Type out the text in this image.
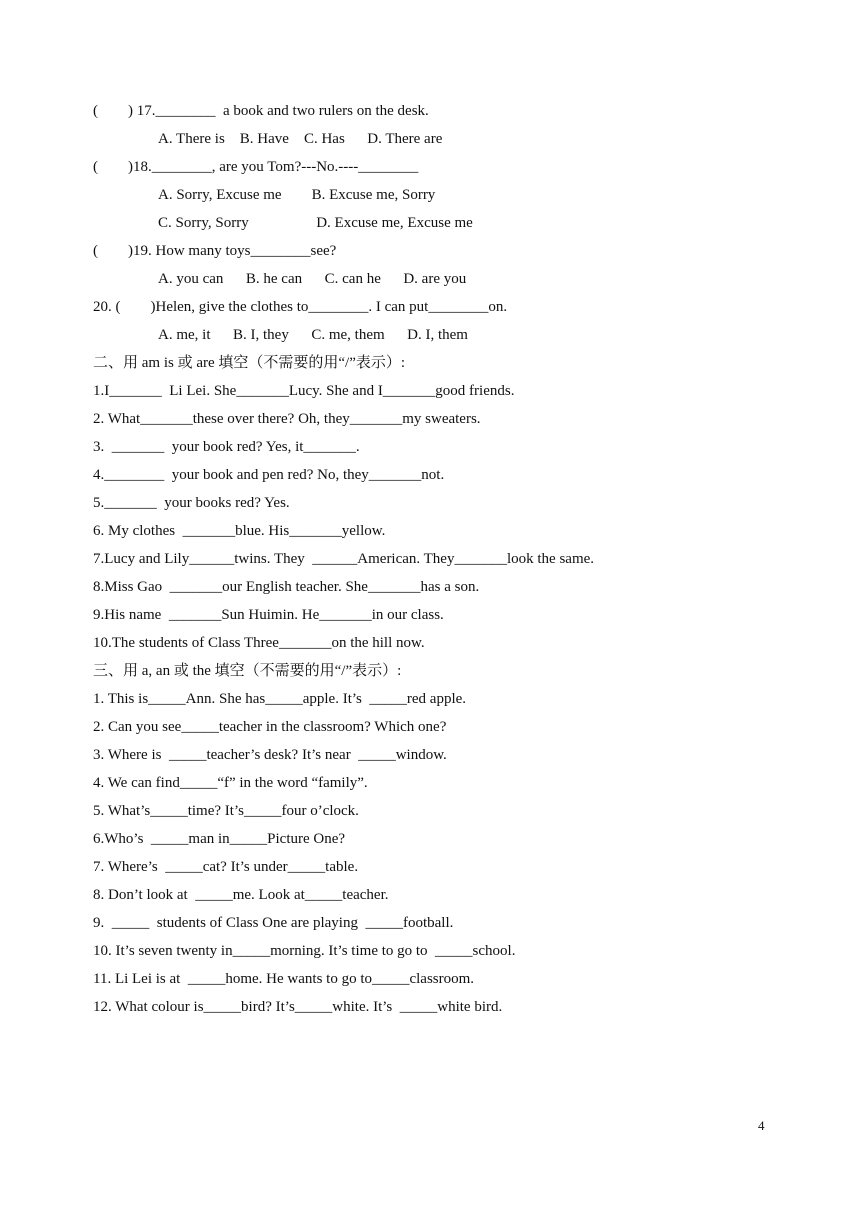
(        ) 17.________  a book and two rulers on the desk.
A. There is    B. Have    C. Has      D. There are
(        )18.________, are you Tom?---No.----________
A. Sorry, Excuse me        B. Excuse me, Sorry
C. Sorry, Sorry                  D. Excuse me, Excuse me
(        )19. How many toys________see?
A. you can      B. he can      C. can he      D. are you
20. (        )Helen, give the clothes to________. I can put________on.
A. me, it      B. I, they      C. me, them      D. I, them
二、用 am is 或 are 填空（不需要的用“/”表示）:
1.I_______  Li Lei. She_______Lucy. She and I_______good friends.
2. What_______these over there? Oh, they_______my sweaters.
3.  _______  your book red? Yes, it_______.
4.________  your book and pen red? No, they_______not.
5._______  your books red? Yes.
6. My clothes  _______blue. His_______yellow.
7.Lucy and Lily______twins. They  ______American. They_______look the same.
8.Miss Gao  _______our English teacher. She_______has a son.
9.His name  _______Sun Huimin. He_______in our class.
10.The students of Class Three_______on the hill now.
三、用 a, an 或 the 填空（不需要的用“/”表示）:
1. This is_____Ann. She has_____apple. It’s  _____red apple.
2. Can you see_____teacher in the classroom? Which one?
3. Where is  _____teacher’s desk? It’s near  _____window.
4. We can find_____“f” in the word “family”.
5. What’s_____time? It’s_____four o’clock.
6.Who’s  _____man in_____Picture One?
7. Where’s  _____cat? It’s under_____table.
8. Don’t look at  _____me. Look at_____teacher.
9.  _____  students of Class One are playing  _____football.
10. It’s seven twenty in_____morning. It’s time to go to  _____school.
11. Li Lei is at  _____home. He wants to go to_____classroom.
12. What colour is_____bird? It’s_____white. It’s  _____white bird.
4
